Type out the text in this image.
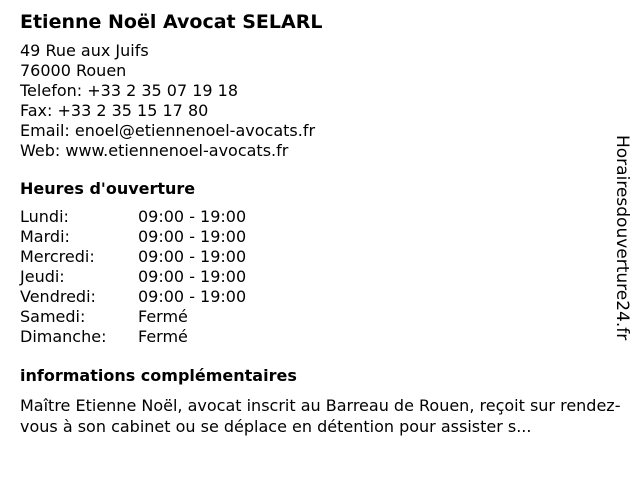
Etienne Noël Avocat SELARL
49 Rue aux Juifs
76000 Rouen
Telefon: +33 2 35 07 19 18
Fax: +33 2 35 15 17 80
Email: enoel@etiennenoel-avocats.fr
Web: www.etiennenoel-avocats.fr
Heures d'ouverture
Lundi:	09:00 - 19:00
Mardi:	09:00 - 19:00
Mercredi:	09:00 - 19:00
Jeudi:	09:00 - 19:00
Vendredi:	09:00 - 19:00
Samedi:	Fermé
Dimanche:	Fermé
informations complémentaires
Maître Etienne Noël, avocat inscrit au Barreau de Rouen, reçoit sur rendez-vous à son cabinet ou se déplace en détention pour assister s...
Horairesdouverture24.fr
